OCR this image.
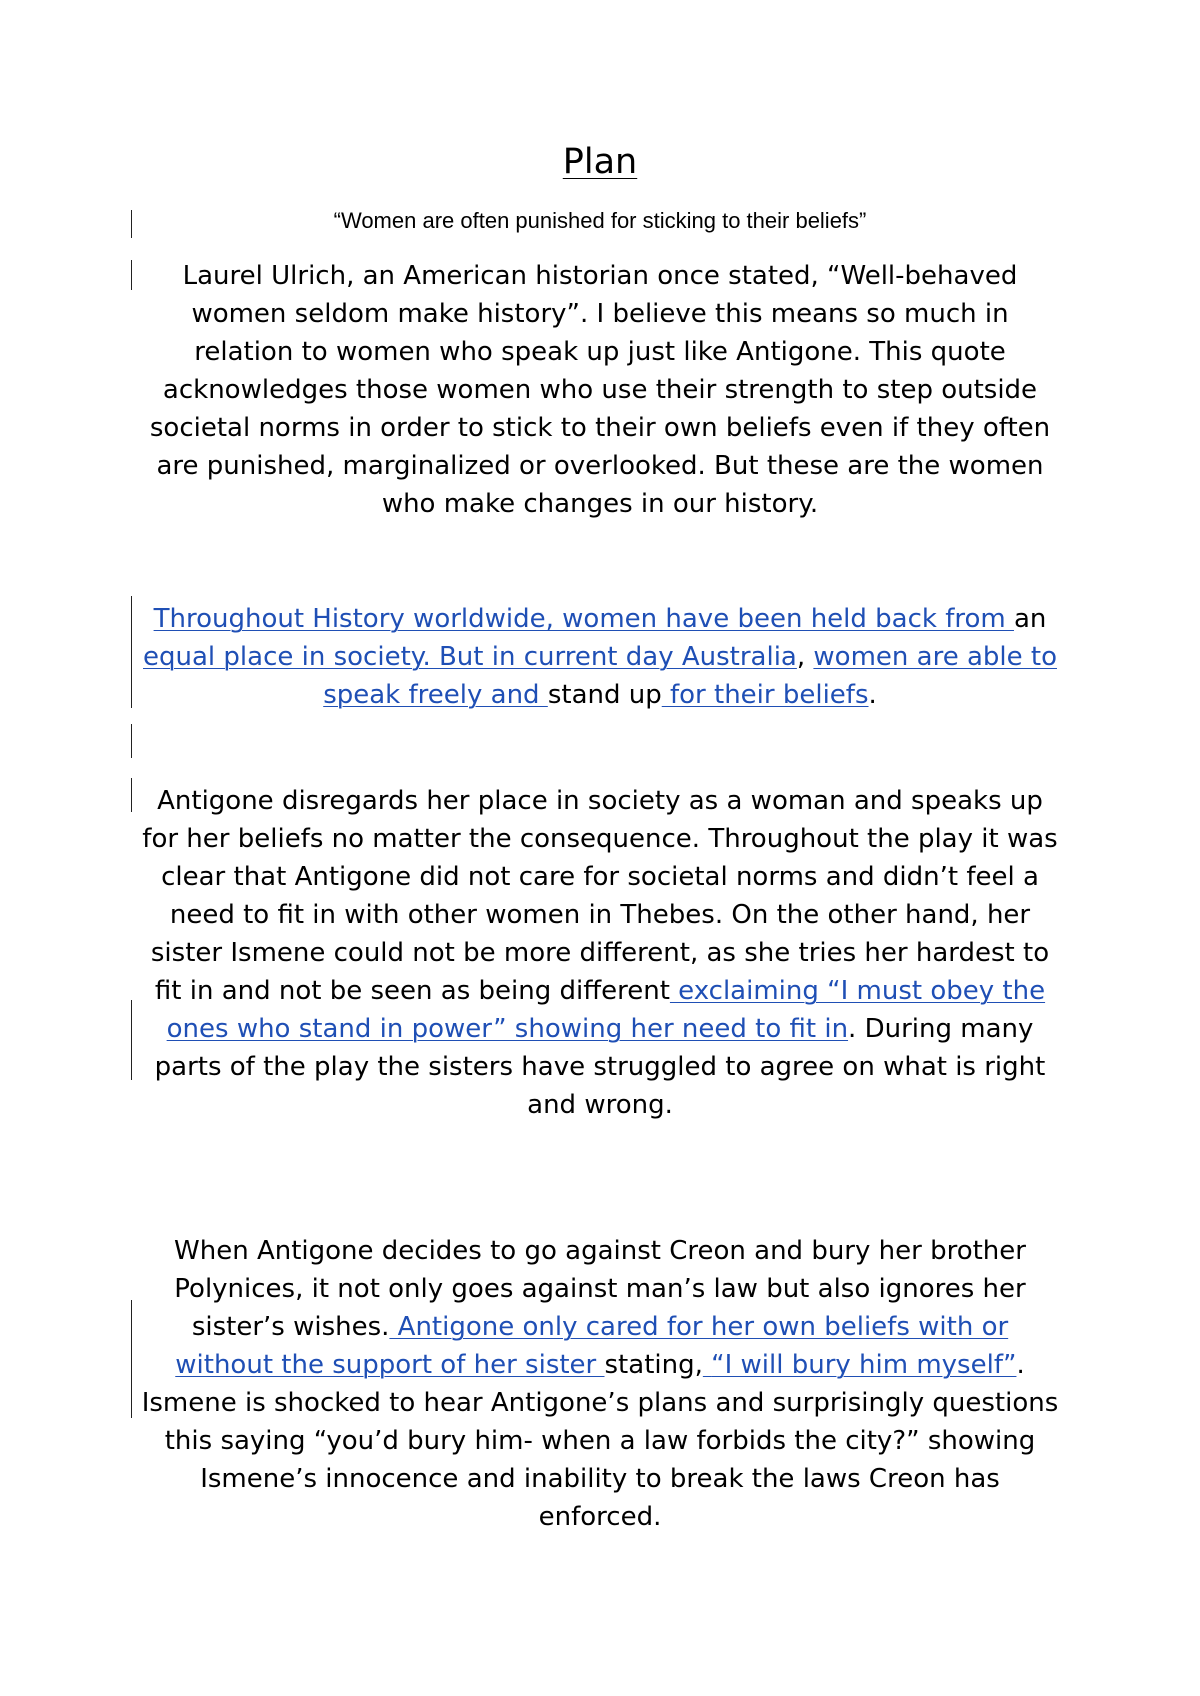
Plan
“Women are often punished for sticking to their beliefs”
Laurel Ulrich, an American historian once stated, “Well-behaved women seldom make history”. I believe this means so much in relation to women who speak up just like Antigone. This quote acknowledges those women who use their strength to step outside societal norms in order to stick to their own beliefs even if they often are punished, marginalized or overlooked. But these are the women who make changes in our history.
Throughout History worldwide, women have been held back from an equal place in society. But in current day Australia, women are able to speak freely and stand up for their beliefs.
Antigone disregards her place in society as a woman and speaks up for her beliefs no matter the consequence. Throughout the play it was clear that Antigone did not care for societal norms and didn’t feel a need to fit in with other women in Thebes. On the other hand, her sister Ismene could not be more different, as she tries her hardest to fit in and not be seen as being different exclaiming “I must obey the ones who stand in power” showing her need to fit in. During many parts of the play the sisters have struggled to agree on what is right and wrong.
When Antigone decides to go against Creon and bury her brother Polynices, it not only goes against man’s law but also ignores her sister’s wishes. Antigone only cared for her own beliefs with or without the support of her sister stating, “I will bury him myself”. Ismene is shocked to hear Antigone’s plans and surprisingly questions this saying “you’d bury him- when a law forbids the city?” showing Ismene’s innocence and inability to break the laws Creon has enforced.
